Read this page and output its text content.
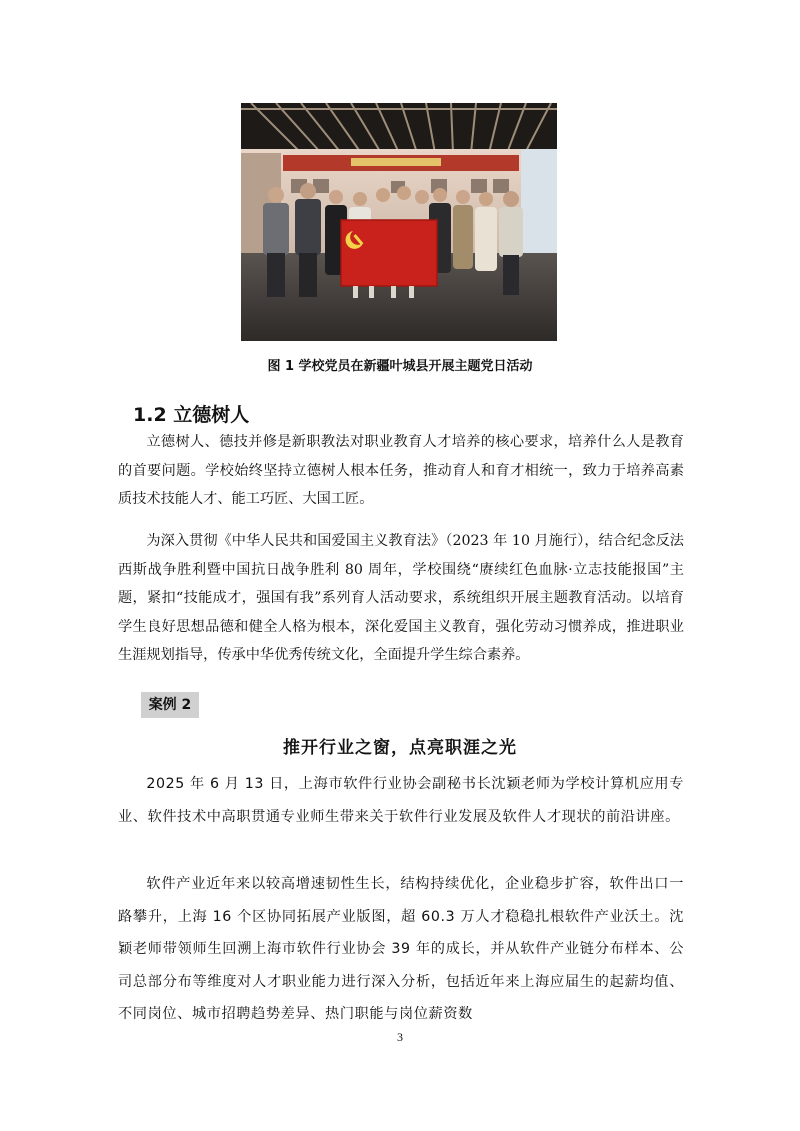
图 1 学校党员在新疆叶城县开展主题党日活动
1.2 立德树人

立德树人、德技并修是新职教法对职业教育人才培养的核心要求，培养什么人是教育的首要问题。学校始终坚持立德树人根本任务，推动育人和育才相统一，致力于培养高素质技术技能人才、能工巧匠、大国工匠。

为深入贯彻《中华人民共和国爱国主义教育法》（2023 年 10 月施行），结合纪念反法西斯战争胜利暨中国抗日战争胜利 80 周年，学校围绕“赓续红色血脉·立志技能报国”主题，紧扣“技能成才，强国有我”系列育人活动要求，系统组织开展主题教育活动。以培育学生良好思想品德和健全人格为根本，深化爱国主义教育，强化劳动习惯养成，推进职业生涯规划指导，传承中华优秀传统文化，全面提升学生综合素养。

案例 2
推开行业之窗，点亮职涯之光

2025 年 6 月 13 日，上海市软件行业协会副秘书长沈颖老师为学校计算机应用专业、软件技术中高职贯通专业师生带来关于软件行业发展及软件人才现状的前沿讲座。

软件产业近年来以较高增速韧性生长，结构持续优化，企业稳步扩容，软件出口一路攀升，上海 16 个区协同拓展产业版图，超 60.3 万人才稳稳扎根软件产业沃土。沈颖老师带领师生回溯上海市软件行业协会 39 年的成长，并从软件产业链分布样本、公司总部分布等维度对人才职业能力进行深入分析，包括近年来上海应届生的起薪均值、不同岗位、城市招聘趋势差异、热门职能与岗位薪资数

3
